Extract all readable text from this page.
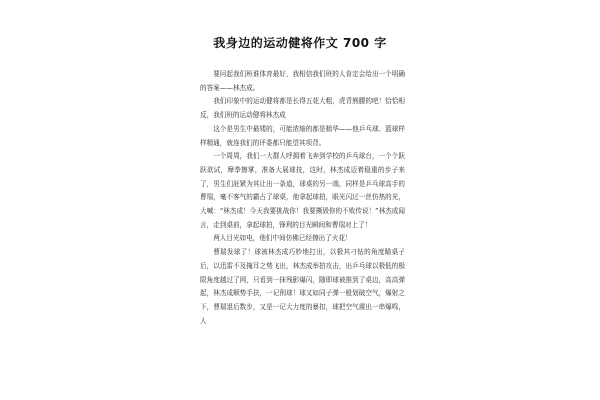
我身边的运动健将作文 700 字

要问起我们班谁体育最好，我相信我们班的人肯定会给出一个明确的答案——林杰成。

我们印象中的运动健将都是长得五花大粗，虎背熊腰的吧！恰恰相反，我们班的运动健将林杰成

这个是男生中最矮的，可能浓缩的都是精华——他乒乓球、篮球样样精通，就连我们的评委都只能望其项背。

一个周周，我们一大群人呼拥着飞奔到学校的乒乓球台，一个个跃跃欲试，摩拳擦掌，准备大展球技，这时，林杰成迈着稳重的步子来了，男生们赶紧为其让出一条道，球桌的另一端，同样是乒乓球高手的曹瑞，毫不客气的霸占了球桌，他拿起球拍，眼光闪过一丝仿热的光，大喊：“林杰成！今天我要挑战你！我要撕毁你的不败传说！”林杰成闻言，走到桌前，拿起球拍，锋利的目光瞬间和曹瑞对上了！

两人目光如电，他们中间仿佛已经擦出了火花！

曹瑞发球了！球被林杰成巧妙地打出，以极其刁钻的角度瞄桌子后，以迅雷不及掩耳之势飞出，林杰成举拍攻击，出乒乓球以极低的极限角度越过了网，只看到一抹残影爆闪，随即球被推到了桌边，高高弹起，林杰成顺势手扶，一记削球！球又如同子弹一般划破空气，爆射之下，曹瑞退后数步，又是一记大力度的暴扣，球把空气震出一串爆鸣，人
